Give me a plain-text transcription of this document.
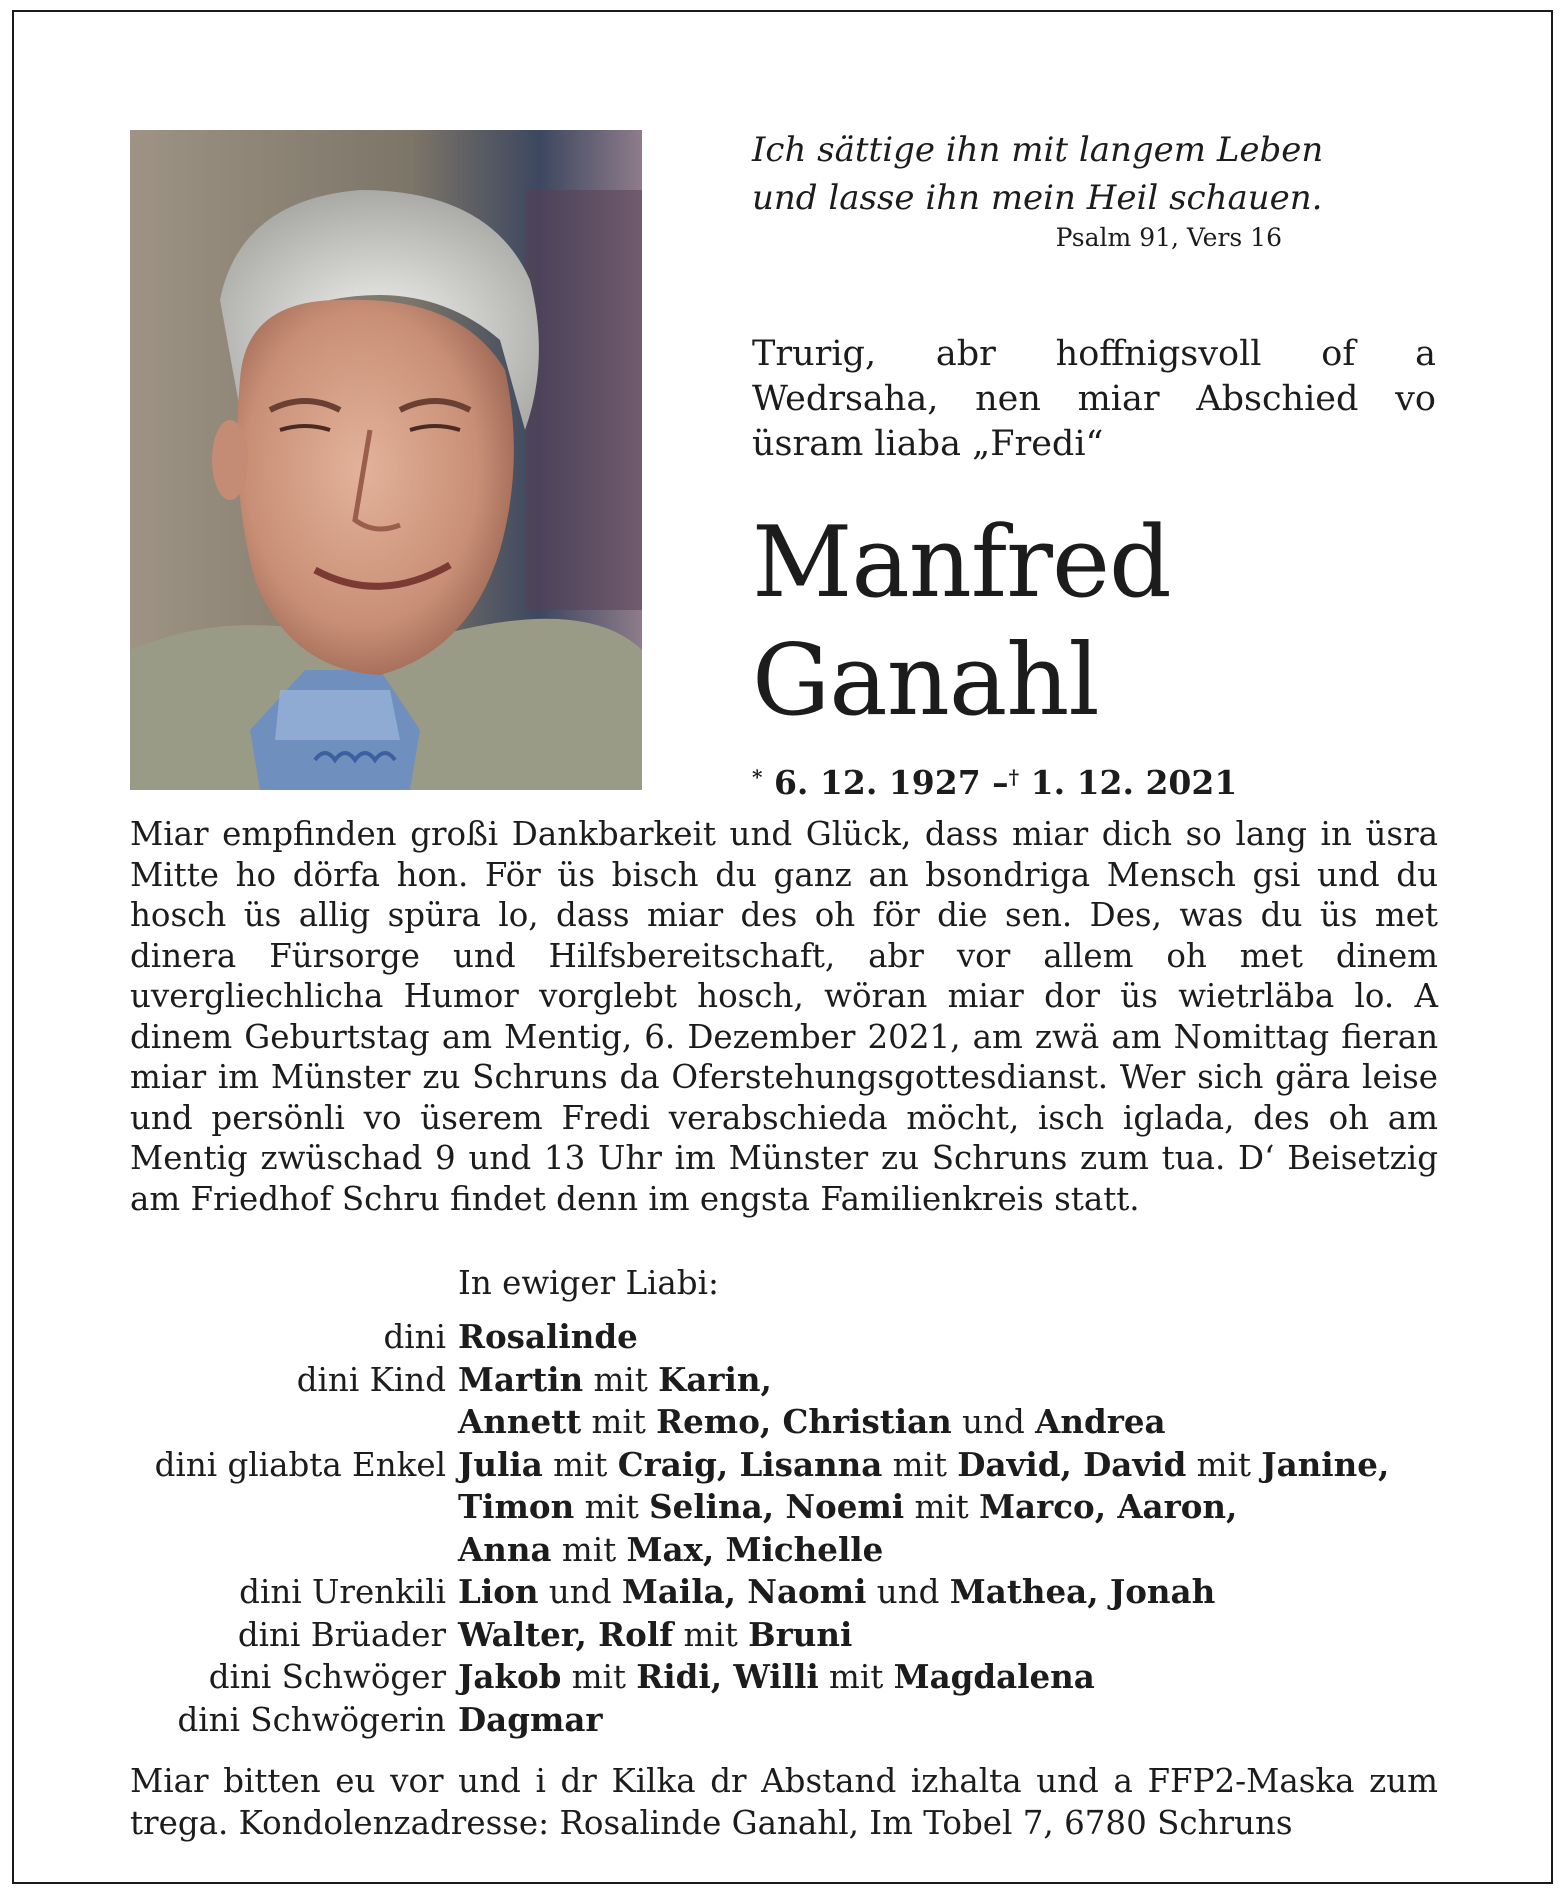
Ich sättige ihn mit langem Leben

und lasse ihn mein Heil schauen.

Psalm 91, Vers 16
Trurig, abr hoffnigsvoll of a Wedrsaha, nen miar Abschied vo üsram liaba „Fredi“
Manfred
Ganahl
* 6. 12. 1927 –† 1. 12. 2021
Miar empfinden großi Dankbarkeit und Glück, dass miar dich so lang in üsra Mitte ho dörfa hon. För üs bisch du ganz an bsondriga Mensch gsi und du hosch üs allig spüra lo, dass miar des oh för die sen. Des, was du üs met dinera Fürsorge und Hilfsbereitschaft, abr vor allem oh met dinem uvergliechlicha Humor vorglebt hosch, wöran miar dor üs wietrläba lo. A dinem Geburtstag am Mentig, 6. Dezember 2021, am zwä am Nomittag fieran miar im Münster zu Schruns da Oferstehungsgottesdianst. Wer sich gära leise und persönli vo üserem Fredi verabschieda möcht, isch iglada, des oh am Mentig zwüschad 9 und 13 Uhr im Münster zu Schruns zum tua. D‘ Beisetzig am Friedhof Schru findet denn im engsta Familienkreis statt.
In ewiger Liabi:
dini Rosalinde
dini Kind Martin mit Karin,
Annett mit Remo, Christian und Andrea
dini gliabta Enkel Julia mit Craig, Lisanna mit David, David mit Janine,
Timon mit Selina, Noemi mit Marco, Aaron,
Anna mit Max, Michelle
dini Urenkili Lion und Maila, Naomi und Mathea, Jonah
dini Brüader Walter, Rolf mit Bruni
dini Schwöger Jakob mit Ridi, Willi mit Magdalena
dini Schwögerin Dagmar
Miar bitten eu vor und i dr Kilka dr Abstand izhalta und a FFP2-Maska zum trega. Kondolenzadresse: Rosalinde Ganahl, Im Tobel 7, 6780 Schruns
